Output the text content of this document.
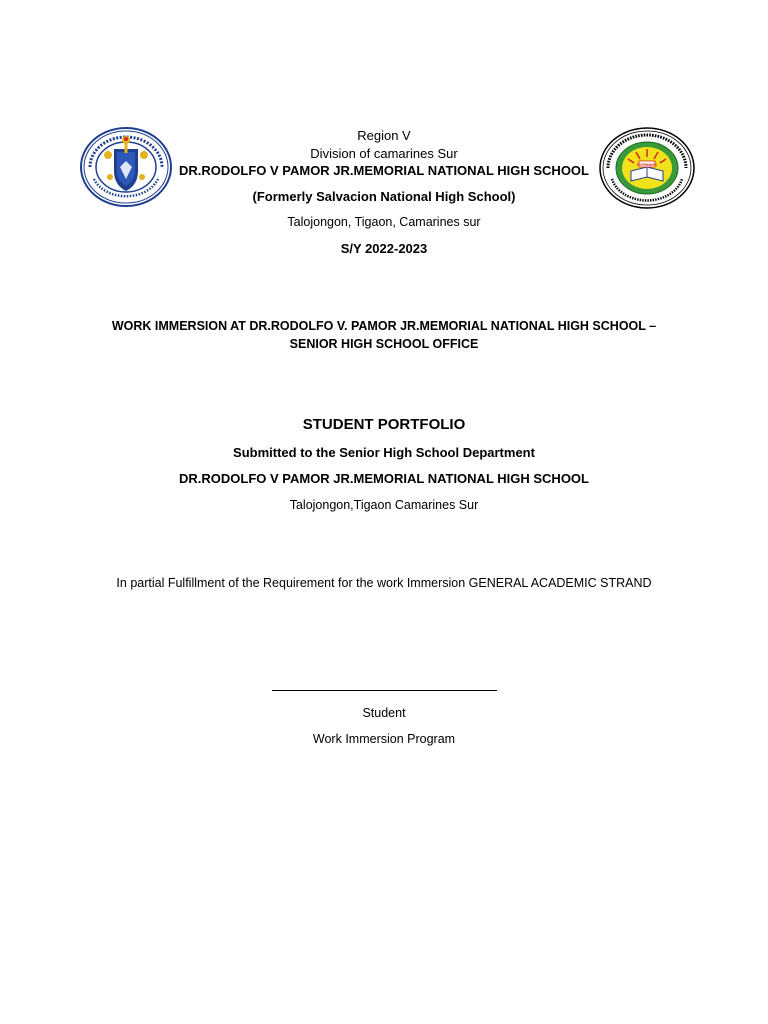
RVPMNHS
Region V
Division of camarines Sur
DR.RODOLFO V PAMOR JR.MEMORIAL NATIONAL HIGH SCHOOL
(Formerly Salvacion National High School)
Talojongon, Tigaon, Camarines sur
S/Y 2022-2023
WORK IMMERSION AT DR.RODOLFO V. PAMOR JR.MEMORIAL NATIONAL HIGH SCHOOL –
SENIOR HIGH SCHOOL OFFICE
STUDENT PORTFOLIO
Submitted to the Senior High School Department
DR.RODOLFO V PAMOR JR.MEMORIAL NATIONAL HIGH SCHOOL
Talojongon,Tigaon Camarines Sur
In partial Fulfillment of the Requirement for the work Immersion GENERAL ACADEMIC STRAND
Student
Work Immersion Program
